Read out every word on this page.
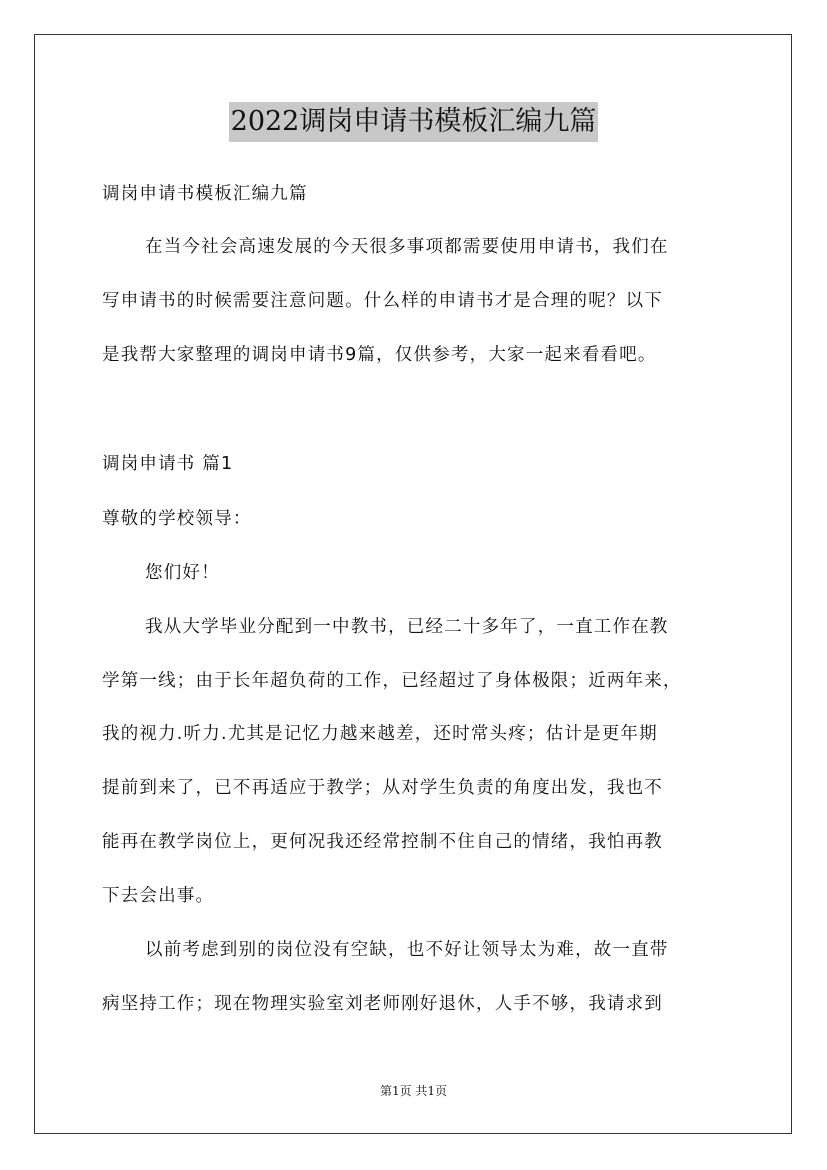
2022调岗申请书模板汇编九篇
调岗申请书模板汇编九篇
在当今社会高速发展的今天很多事项都需要使用申请书，我们在
写申请书的时候需要注意问题。什么样的申请书才是合理的呢？以下
是我帮大家整理的调岗申请书9篇，仅供参考，大家一起来看看吧。
调岗申请书 篇1
尊敬的学校领导：
您们好！
我从大学毕业分配到一中教书，已经二十多年了，一直工作在教
学第一线；由于长年超负荷的工作，已经超过了身体极限；近两年来，
我的视力.听力.尤其是记忆力越来越差，还时常头疼；估计是更年期
提前到来了，已不再适应于教学；从对学生负责的角度出发，我也不
能再在教学岗位上，更何况我还经常控制不住自己的情绪，我怕再教
下去会出事。
以前考虑到别的岗位没有空缺，也不好让领导太为难，故一直带
病坚持工作；现在物理实验室刘老师刚好退休，人手不够，我请求到
第1页 共1页
